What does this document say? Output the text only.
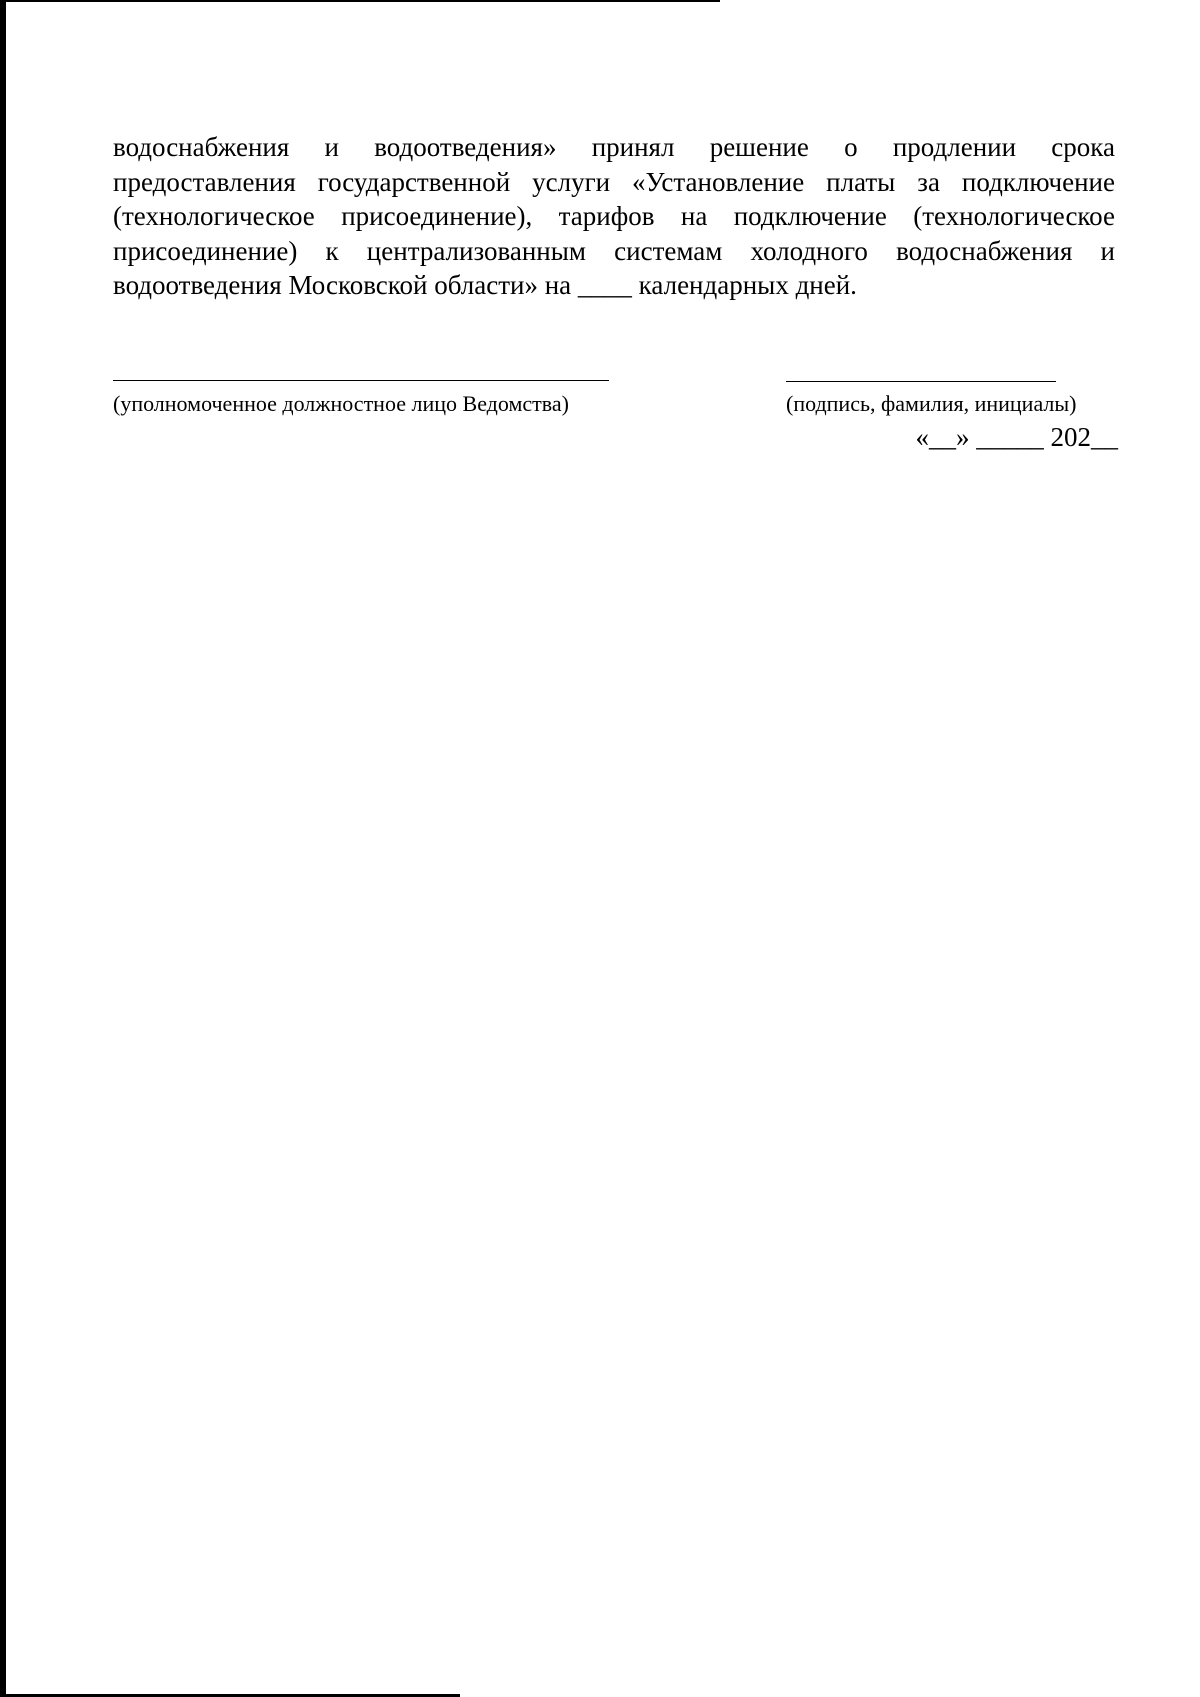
водоснабжения и водоотведения» принял решение о продлении срока
предоставления государственной услуги «Установление платы за подключение
(технологическое присоединение), тарифов на подключение (технологическое
присоединение) к централизованным системам холодного водоснабжения и
водоотведения Московской области» на ____ календарных дней.
(уполномоченное должностное лицо Ведомства)	(подпись, фамилия, инициалы)
«__» _____ 202__
